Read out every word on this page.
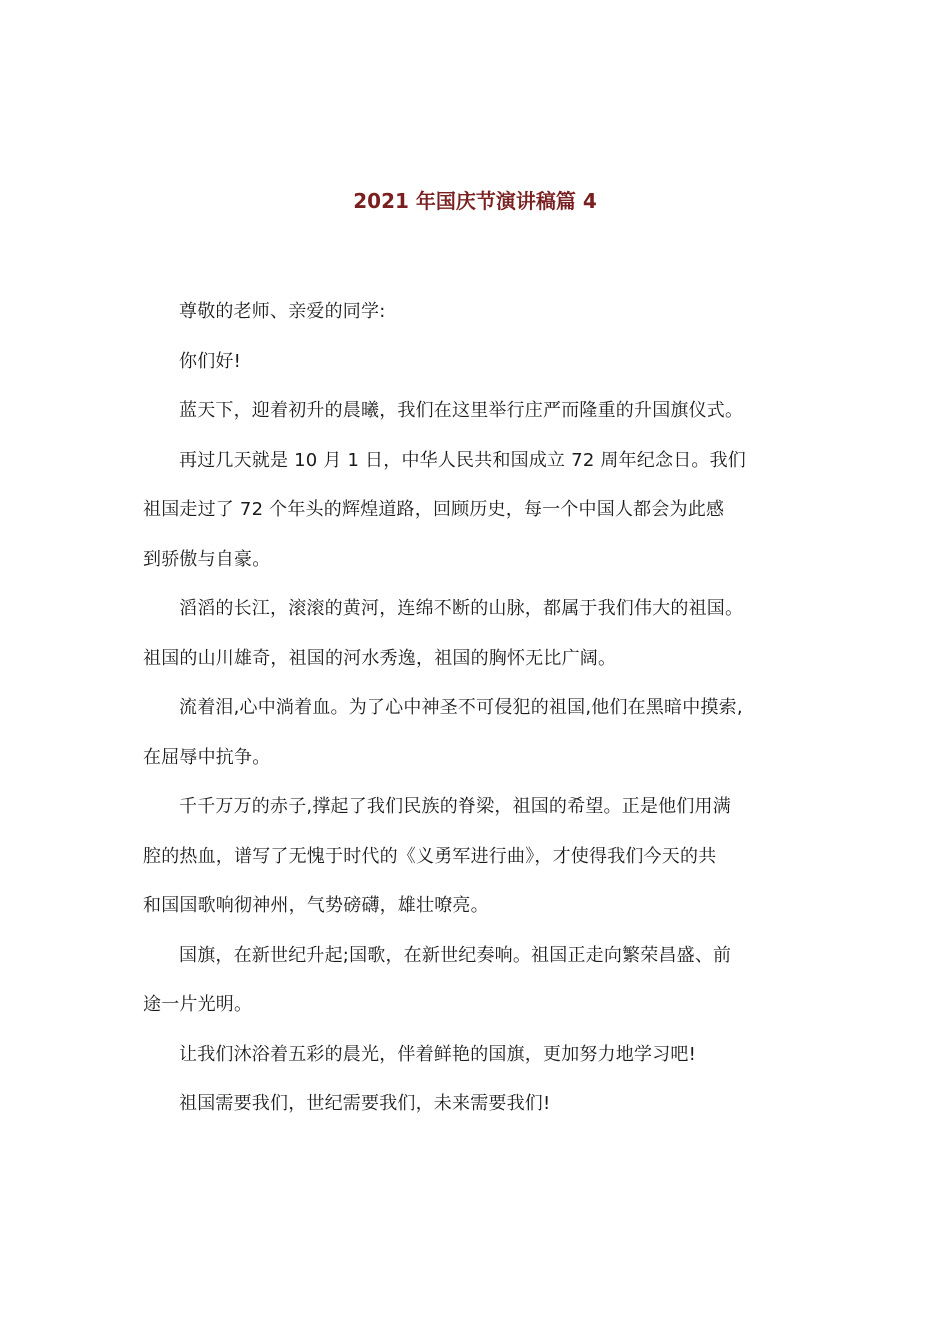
2021 年国庆节演讲稿篇 4

尊敬的老师、亲爱的同学:

你们好!

蓝天下，迎着初升的晨曦，我们在这里举行庄严而隆重的升国旗仪式。

再过几天就是 10 月 1 日，中华人民共和国成立 72 周年纪念日。我们
祖国走过了 72 个年头的辉煌道路，回顾历史，每一个中国人都会为此感
到骄傲与自豪。

滔滔的长江，滚滚的黄河，连绵不断的山脉，都属于我们伟大的祖国。
祖国的山川雄奇，祖国的河水秀逸，祖国的胸怀无比广阔。

流着泪,心中淌着血。为了心中神圣不可侵犯的祖国,他们在黑暗中摸索,
在屈辱中抗争。

千千万万的赤子,撑起了我们民族的脊梁，祖国的希望。正是他们用满
腔的热血，谱写了无愧于时代的《义勇军进行曲》，才使得我们今天的共
和国国歌响彻神州，气势磅礴，雄壮嘹亮。

国旗，在新世纪升起;国歌，在新世纪奏响。祖国正走向繁荣昌盛、前
途一片光明。

让我们沐浴着五彩的晨光，伴着鲜艳的国旗，更加努力地学习吧!

祖国需要我们，世纪需要我们，未来需要我们!
